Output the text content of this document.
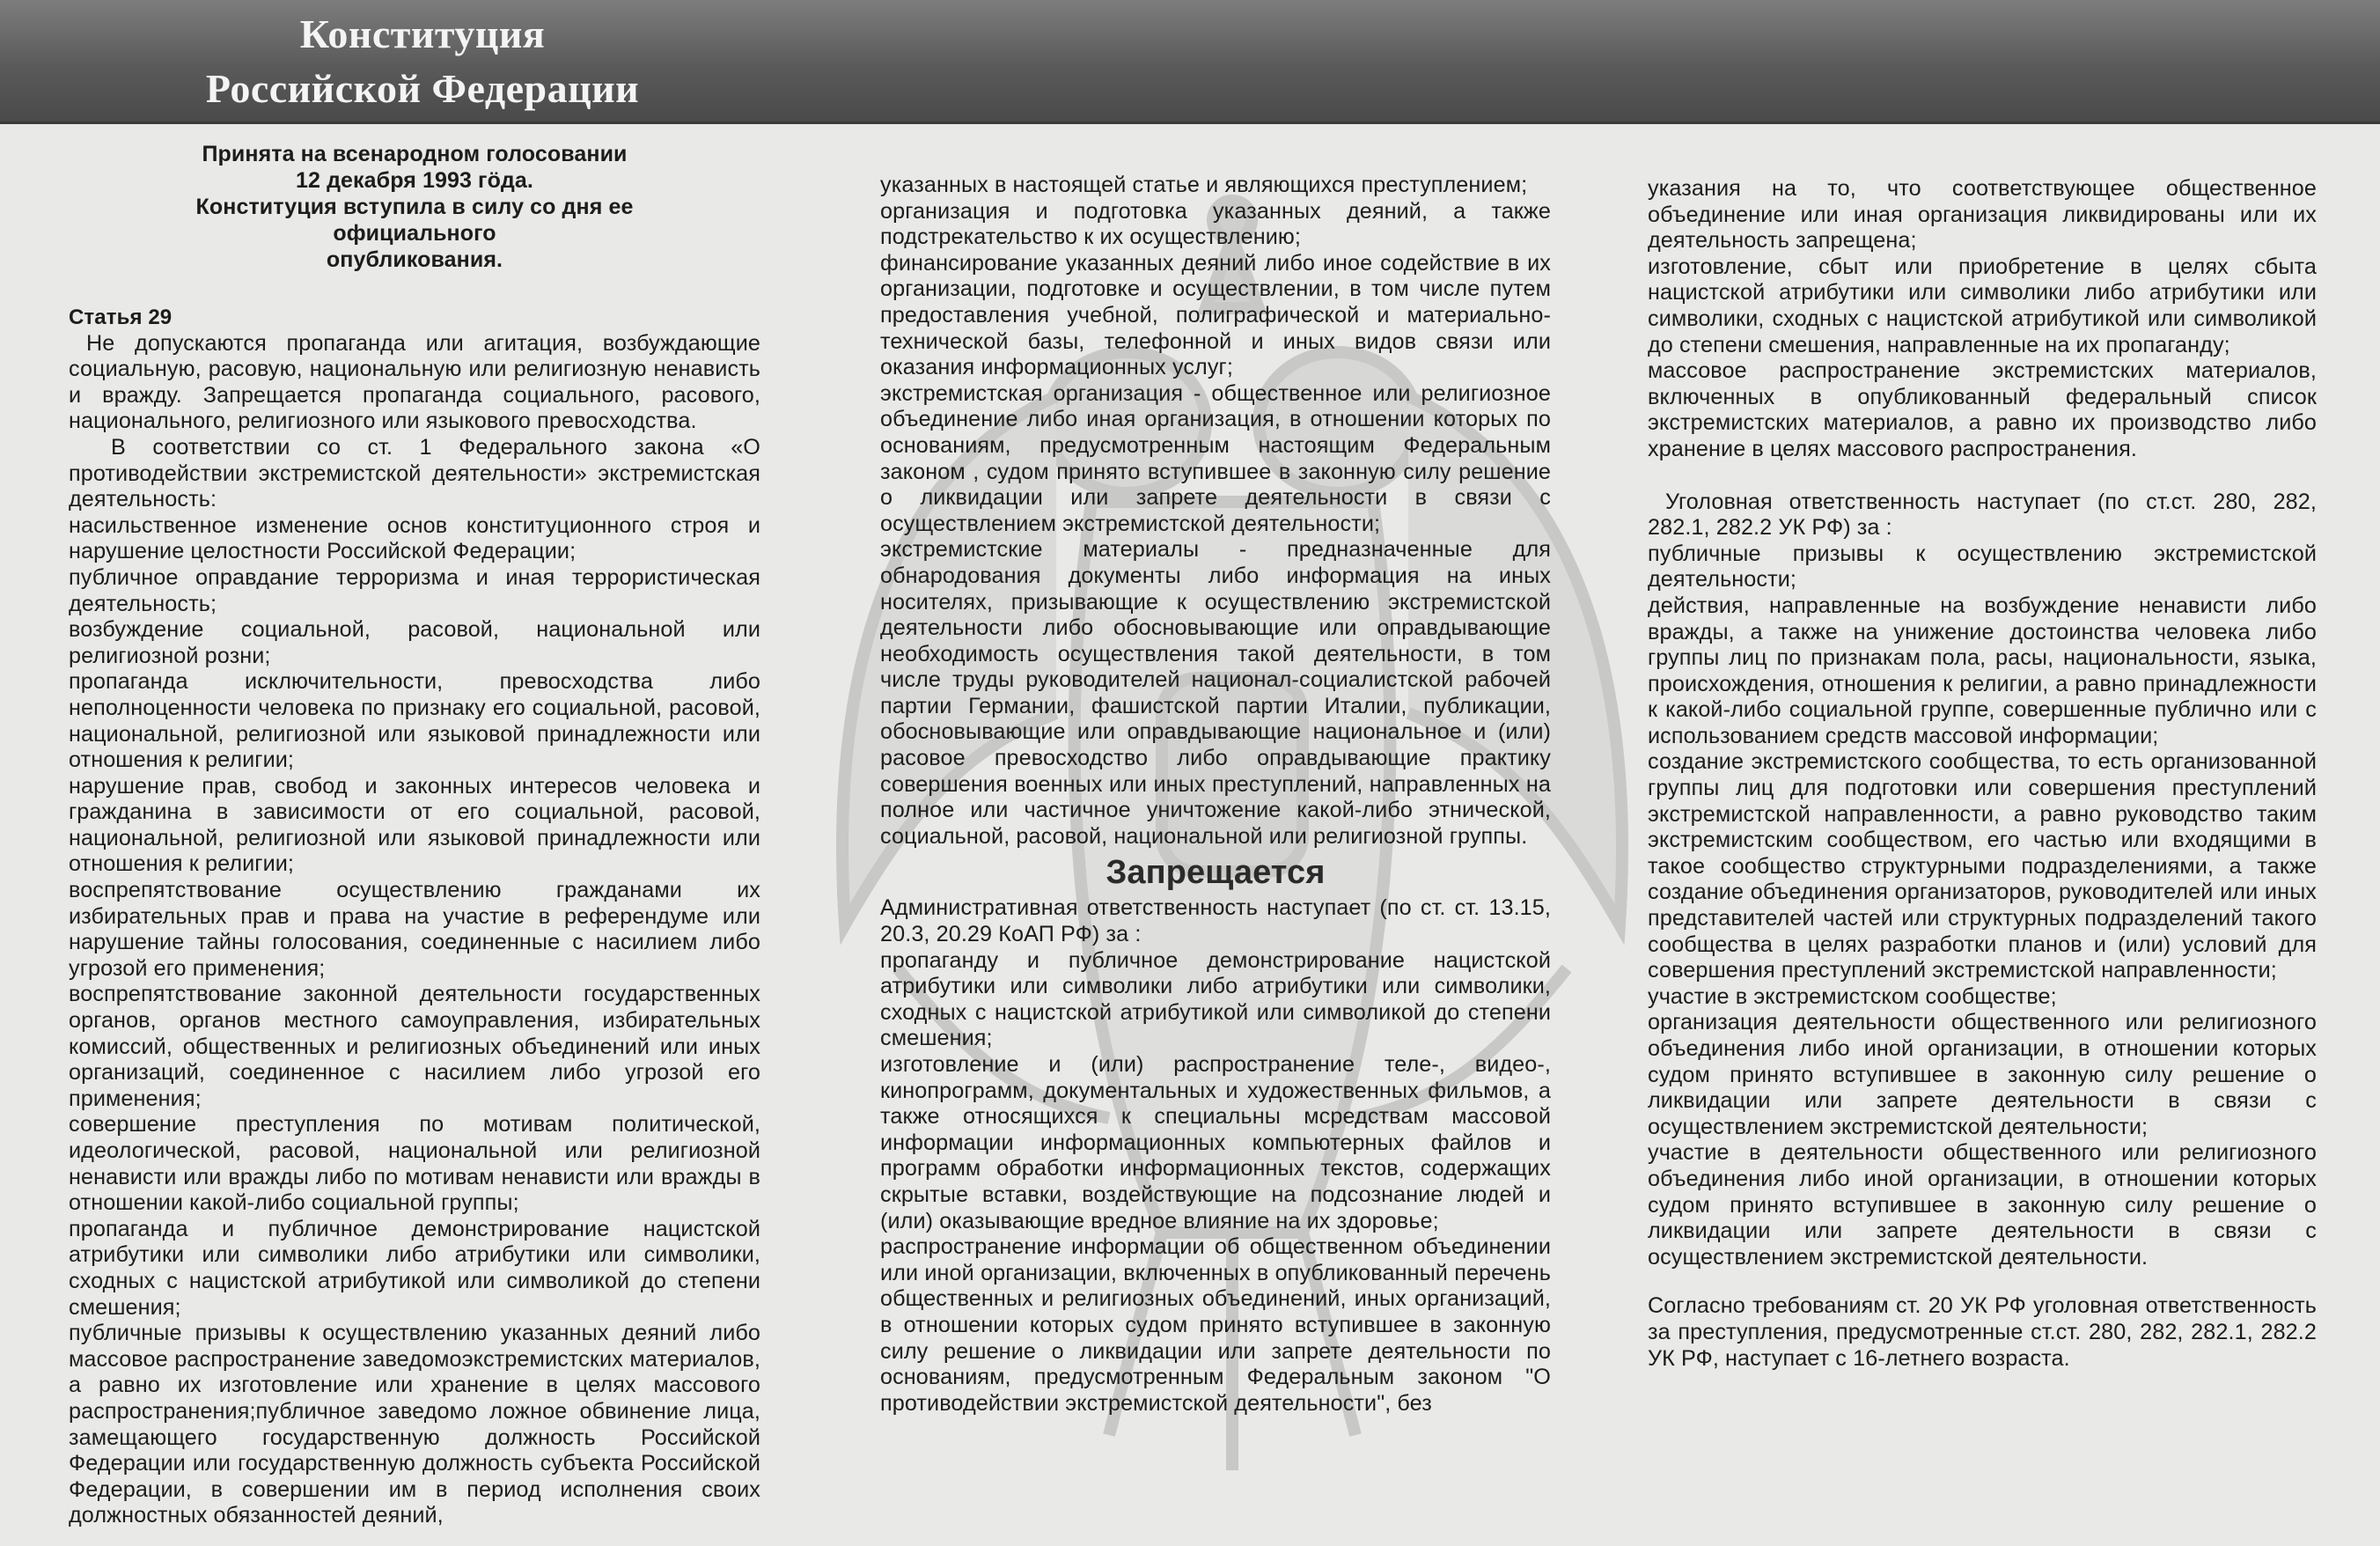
Конституция
Российской Федерации

Принята на всенародном голосовании

12 декабря 1993 гöда.

Конституция вступила в силу со дня ее официального

опубликования.

Статья 29

Не допускаются пропаганда или агитация, возбуждающие социальную, расовую, национальную или религиозную ненависть и вражду. Запрещается пропаганда социального, расового, национального, религиозного или языкового превосходства.

В соответствии со ст. 1 Федерального закона «О противодействии экстремистской деятельности» экстремистская деятельность:

насильственное изменение основ конституционного строя и нарушение целостности Российской Федерации;

публичное оправдание терроризма и иная террористическая деятельность;

возбуждение социальной, расовой, национальной или религиозной розни;

пропаганда исключительности, превосходства либо неполноценности человека по признаку его социальной, расовой, национальной, религиозной или языковой принадлежности или отношения к религии;

нарушение прав, свобод и законных интересов человека и гражданина в зависимости от его социальной, расовой, национальной, религиозной или языковой принадлежности или отношения к религии;

воспрепятствование осуществлению гражданами их избирательных прав и права на участие в референдуме или нарушение тайны голосования, соединенные с насилием либо угрозой его применения;

воспрепятствование законной деятельности государственных органов, органов местного самоуправления, избирательных комиссий, общественных и религиозных объединений или иных организаций, соединенное с насилием либо угрозой его применения;

совершение преступления по мотивам политической, идеологической, расовой, национальной или религиозной ненависти или вражды либо по мотивам ненависти или вражды в отношении какой-либо социальной группы;

пропаганда и публичное демонстрирование нацистской атрибутики или символики либо атрибутики или символики, сходных с нацистской атрибутикой или символикой до степени смешения;

публичные призывы к осуществлению указанных деяний либо массовое распространение заведомоэкстремистских материалов, а равно их изготовление или хранение в целях массового распространения;публичное заведомо ложное обвинение лица, замещающего государственную должность Российской Федерации или государственную должность субъекта Российской Федерации, в совершении им в период исполнения своих должностных обязанностей деяний,

указанных в настоящей статье и являющихся преступлением;

организация и подготовка указанных деяний, а также подстрекательство к их осуществлению;

финансирование указанных деяний либо иное содействие в их организации, подготовке и осуществлении, в том числе путем предоставления учебной, полиграфической и материально-технической базы, телефонной и иных видов связи или оказания информационных услуг;

экстремистская организация - общественное или религиозное объединение либо иная организация, в отношении которых по основаниям, предусмотренным настоящим Федеральным законом , судом принято вступившее в законную силу решение о ликвидации или запрете деятельности в связи с осуществлением экстремистской деятельности;

экстремистские материалы - предназначенные для обнародования документы либо информация на иных носителях, призывающие к осуществлению экстремистской деятельности либо обосновывающие или оправдывающие необходимость осуществления такой деятельности, в том числе труды руководителей национал-социалистской рабочей партии Германии, фашистской партии Италии, публикации, обосновывающие или оправдывающие национальное и (или) расовое превосходство либо оправдывающие практику совершения военных или иных преступлений, направленных на полное или частичное уничтожение какой-либо этнической, социальной, расовой, национальной или религиозной группы.

Запрещается

Административная ответственность наступает (по ст. ст. 13.15, 20.3, 20.29 КоАП РФ) за :

пропаганду и публичное демонстрирование нацистской атрибутики или символики либо атрибутики или символики, сходных с нацистской атрибутикой или символикой до степени смешения;

изготовление и (или) распространение теле-, видео-, кинопрограмм, документальных и художественных фильмов, а также относящихся к специальны мсредствам массовой информации информационных компьютерных файлов и программ обработки информационных текстов, содержащих скрытые вставки, воздействующие на подсознание людей и (или) оказывающие вредное влияние на их здоровье;

распространение информации об общественном объединении или иной организации, включенных в опубликованный перечень общественных и религиозных объединений, иных организаций, в отношении которых судом принято вступившее в законную силу решение о ликвидации или запрете деятельности по основаниям, предусмотренным Федеральным законом "О противодействии экстремистской деятельности", без

указания на то, что соответствующее общественное объединение или иная организация ликвидированы или их деятельность запрещена;

изготовление, сбыт или приобретение в целях сбыта нацистской атрибутики или символики либо атрибутики или символики, сходных с нацистской атрибутикой или символикой до степени смешения, направленные на их пропаганду;

массовое распространение экстремистских материалов, включенных в опубликованный федеральный список экстремистских материалов, а равно их производство либо хранение в целях массового распространения.

Уголовная ответственность наступает (по ст.ст. 280, 282, 282.1, 282.2 УК РФ) за :

публичные призывы к осуществлению экстремистской деятельности;

действия, направленные на возбуждение ненависти либо вражды, а также на унижение достоинства человека либо группы лиц по признакам пола, расы, национальности, языка, происхождения, отношения к религии, а равно принадлежности к какой-либо социальной группе, совершенные публично или с использованием средств массовой информации;

создание экстремистского сообщества, то есть организованной группы лиц для подготовки или совершения преступлений экстремистской направленности, а равно руководство таким экстремистским сообществом, его частью или входящими в такое сообщество структурными подразделениями, а также создание объединения организаторов, руководителей или иных представителей частей или структурных подразделений такого сообщества в целях разработки планов и (или) условий для совершения преступлений экстремистской направленности;

участие в экстремистском сообществе;

организация деятельности общественного или религиозного объединения либо иной организации, в отношении которых судом принято вступившее в законную силу решение о ликвидации или запрете деятельности в связи с осуществлением экстремистской деятельности;

участие в деятельности общественного или религиозного объединения либо иной организации, в отношении которых судом принято вступившее в законную силу решение о ликвидации или запрете деятельности в связи с осуществлением экстремистской деятельности.

Согласно требованиям ст. 20 УК РФ уголовная ответственность за преступления, предусмотренные ст.ст. 280, 282, 282.1, 282.2 УК РФ, наступает с 16-летнего возраста.
